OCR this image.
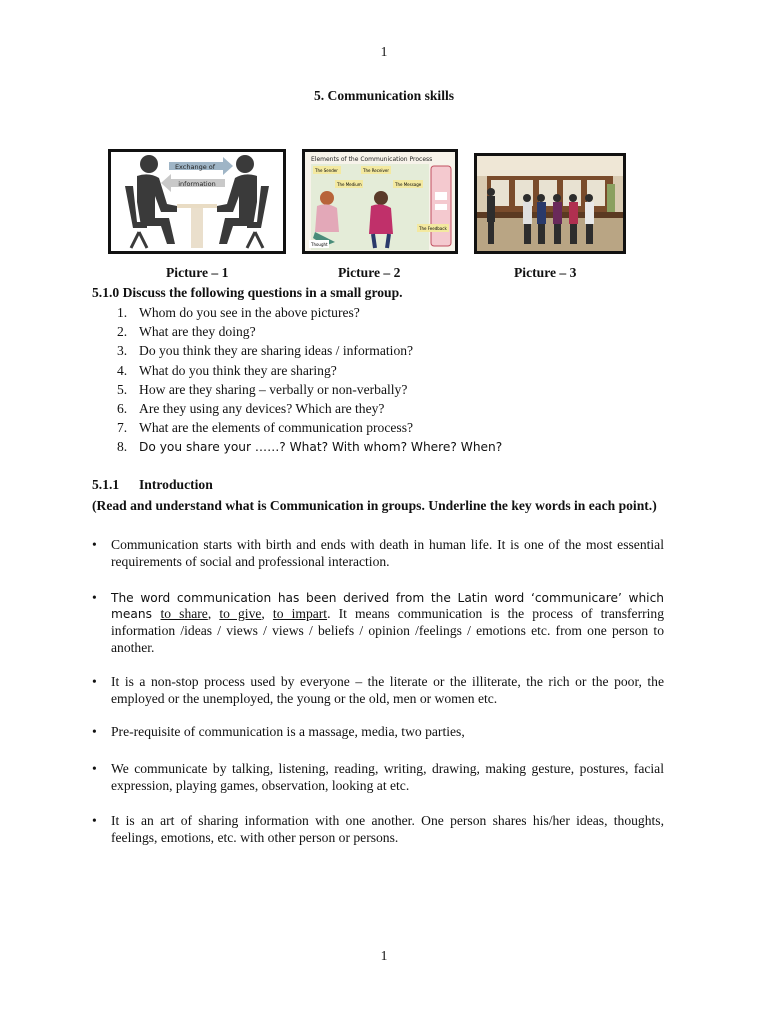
1
5. Communication skills
Exchange of
information
Elements of the Communication Process
The Sender	The Receiver
The Medium	The Message
The Feedback
Thought
Picture – 1	Picture – 2	Picture – 3
5.1.0 Discuss the following questions in a small group.
1. Whom do you see in the above pictures?
2. What are they doing?
3. Do you think they are sharing ideas / information?
4. What do you think they are sharing?
5. How are they sharing – verbally or non-verbally?
6. Are they using any devices? Which are they?
7. What are the elements of communication process?
8. Do you share your ……? What? With whom? Where? When?
5.1.1 Introduction
(Read and understand what is Communication in groups. Underline the key words in each point.)
• Communication starts with birth and ends with death in human life. It is one of the most essential requirements of social and professional interaction.
• The word communication has been derived from the Latin word ‘communicare’ which means to share, to give, to impart. It means communication is the process of transferring information /ideas / views / views / beliefs / opinion /feelings / emotions etc. from one person to another.
• It is a non-stop process used by everyone – the literate or the illiterate, the rich or the poor, the employed or the unemployed, the young or the old, men or women etc.
• Pre-requisite of communication is a massage, media, two parties,
• We communicate by talking, listening, reading, writing, drawing, making gesture, postures, facial expression, playing games, observation, looking at etc.
• It is an art of sharing information with one another. One person shares his/her ideas, thoughts, feelings, emotions, etc. with other person or persons.
1
